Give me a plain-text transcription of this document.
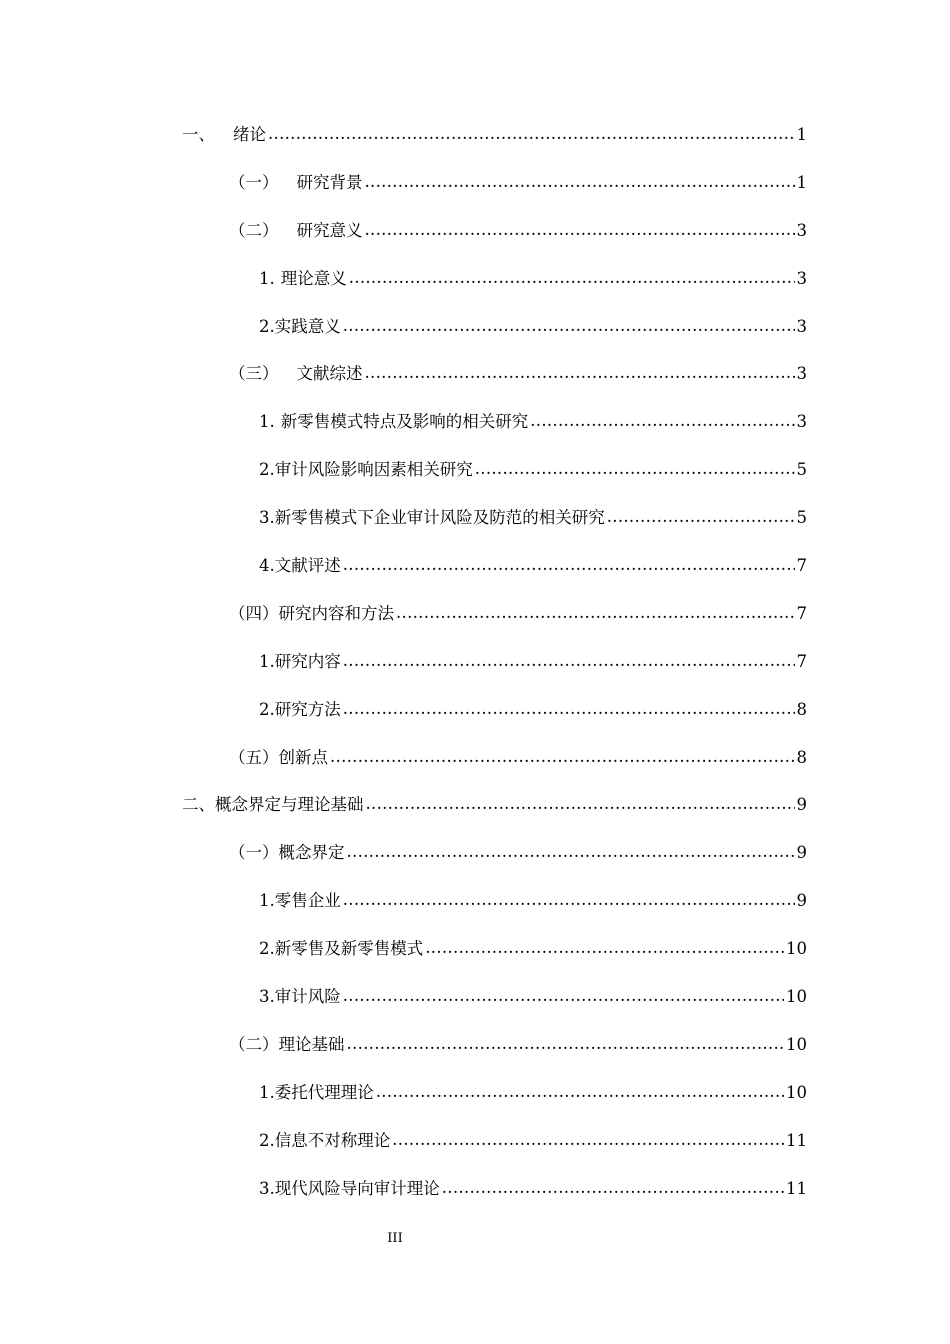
一、 绪论 .....	1
（一） 研究背景 .....	1
（二） 研究意义 .....	3
1. 理论意义 .....	3
2.实践意义 .....	3
（三） 文献综述 .....	3
1. 新零售模式特点及影响的相关研究 .....	3
2.审计风险影响因素相关研究 .....	5
3.新零售模式下企业审计风险及防范的相关研究 .....	5
4.文献评述 .....	7
（四）研究内容和方法 .....	7
1.研究内容 .....	7
2.研究方法 .....	8
（五）创新点 .....	8
二、概念界定与理论基础 .....	9
（一）概念界定 .....	9
1.零售企业 .....	9
2.新零售及新零售模式 .....	10
3.审计风险 .....	10
（二）理论基础 .....	10
1.委托代理理论 .....	10
2.信息不对称理论 .....	11
3.现代风险导向审计理论 .....	11
III
